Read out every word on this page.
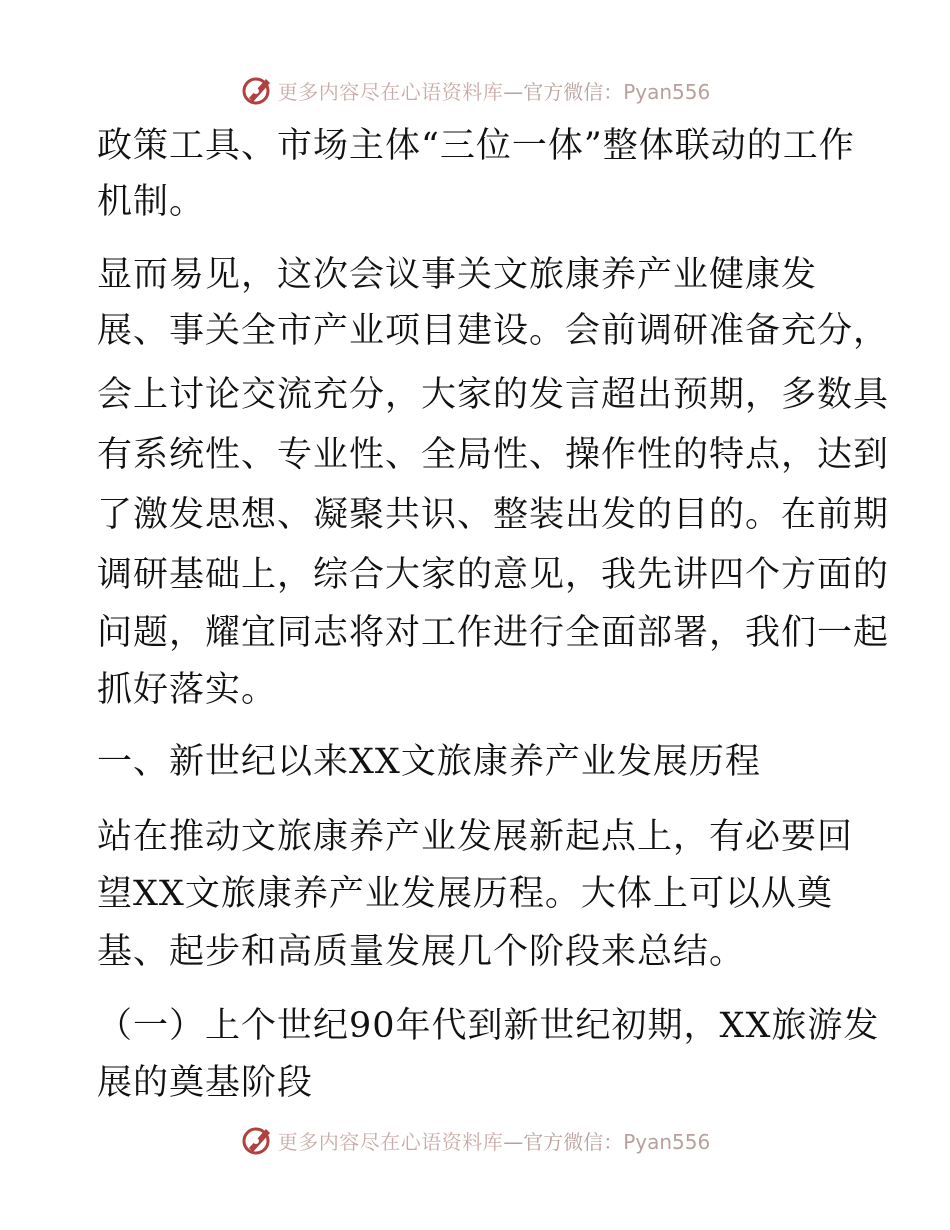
更多内容尽在心语资料库 —官方微信：Pyan556

政策工具、市场主体“三位一体”整体联动的工作

机制。

显而易见，这次会议事关文旅康养产业健康发

展、事关全市产业项目建设。会前调研准备充分，

会上讨论交流充分，大家的发言超出预期，多数具

有系统性、专业性、全局性、操作性的特点，达到

了激发思想、凝聚共识、整装出发的目的。在前期

调研基础上，综合大家的意见，我先讲四个方面的

问题，耀宜同志将对工作进行全面部署，我们一起

抓好落实。

一、新世纪以来XX文旅康养产业发展历程

站在推动文旅康养产业发展新起点上，有必要回

望XX文旅康养产业发展历程。大体上可以从奠

基、起步和高质量发展几个阶段来总结。

（一）上个世纪90年代到新世纪初期，XX旅游发

展的奠基阶段

更多内容尽在心语资料库 —官方微信：Pyan556
